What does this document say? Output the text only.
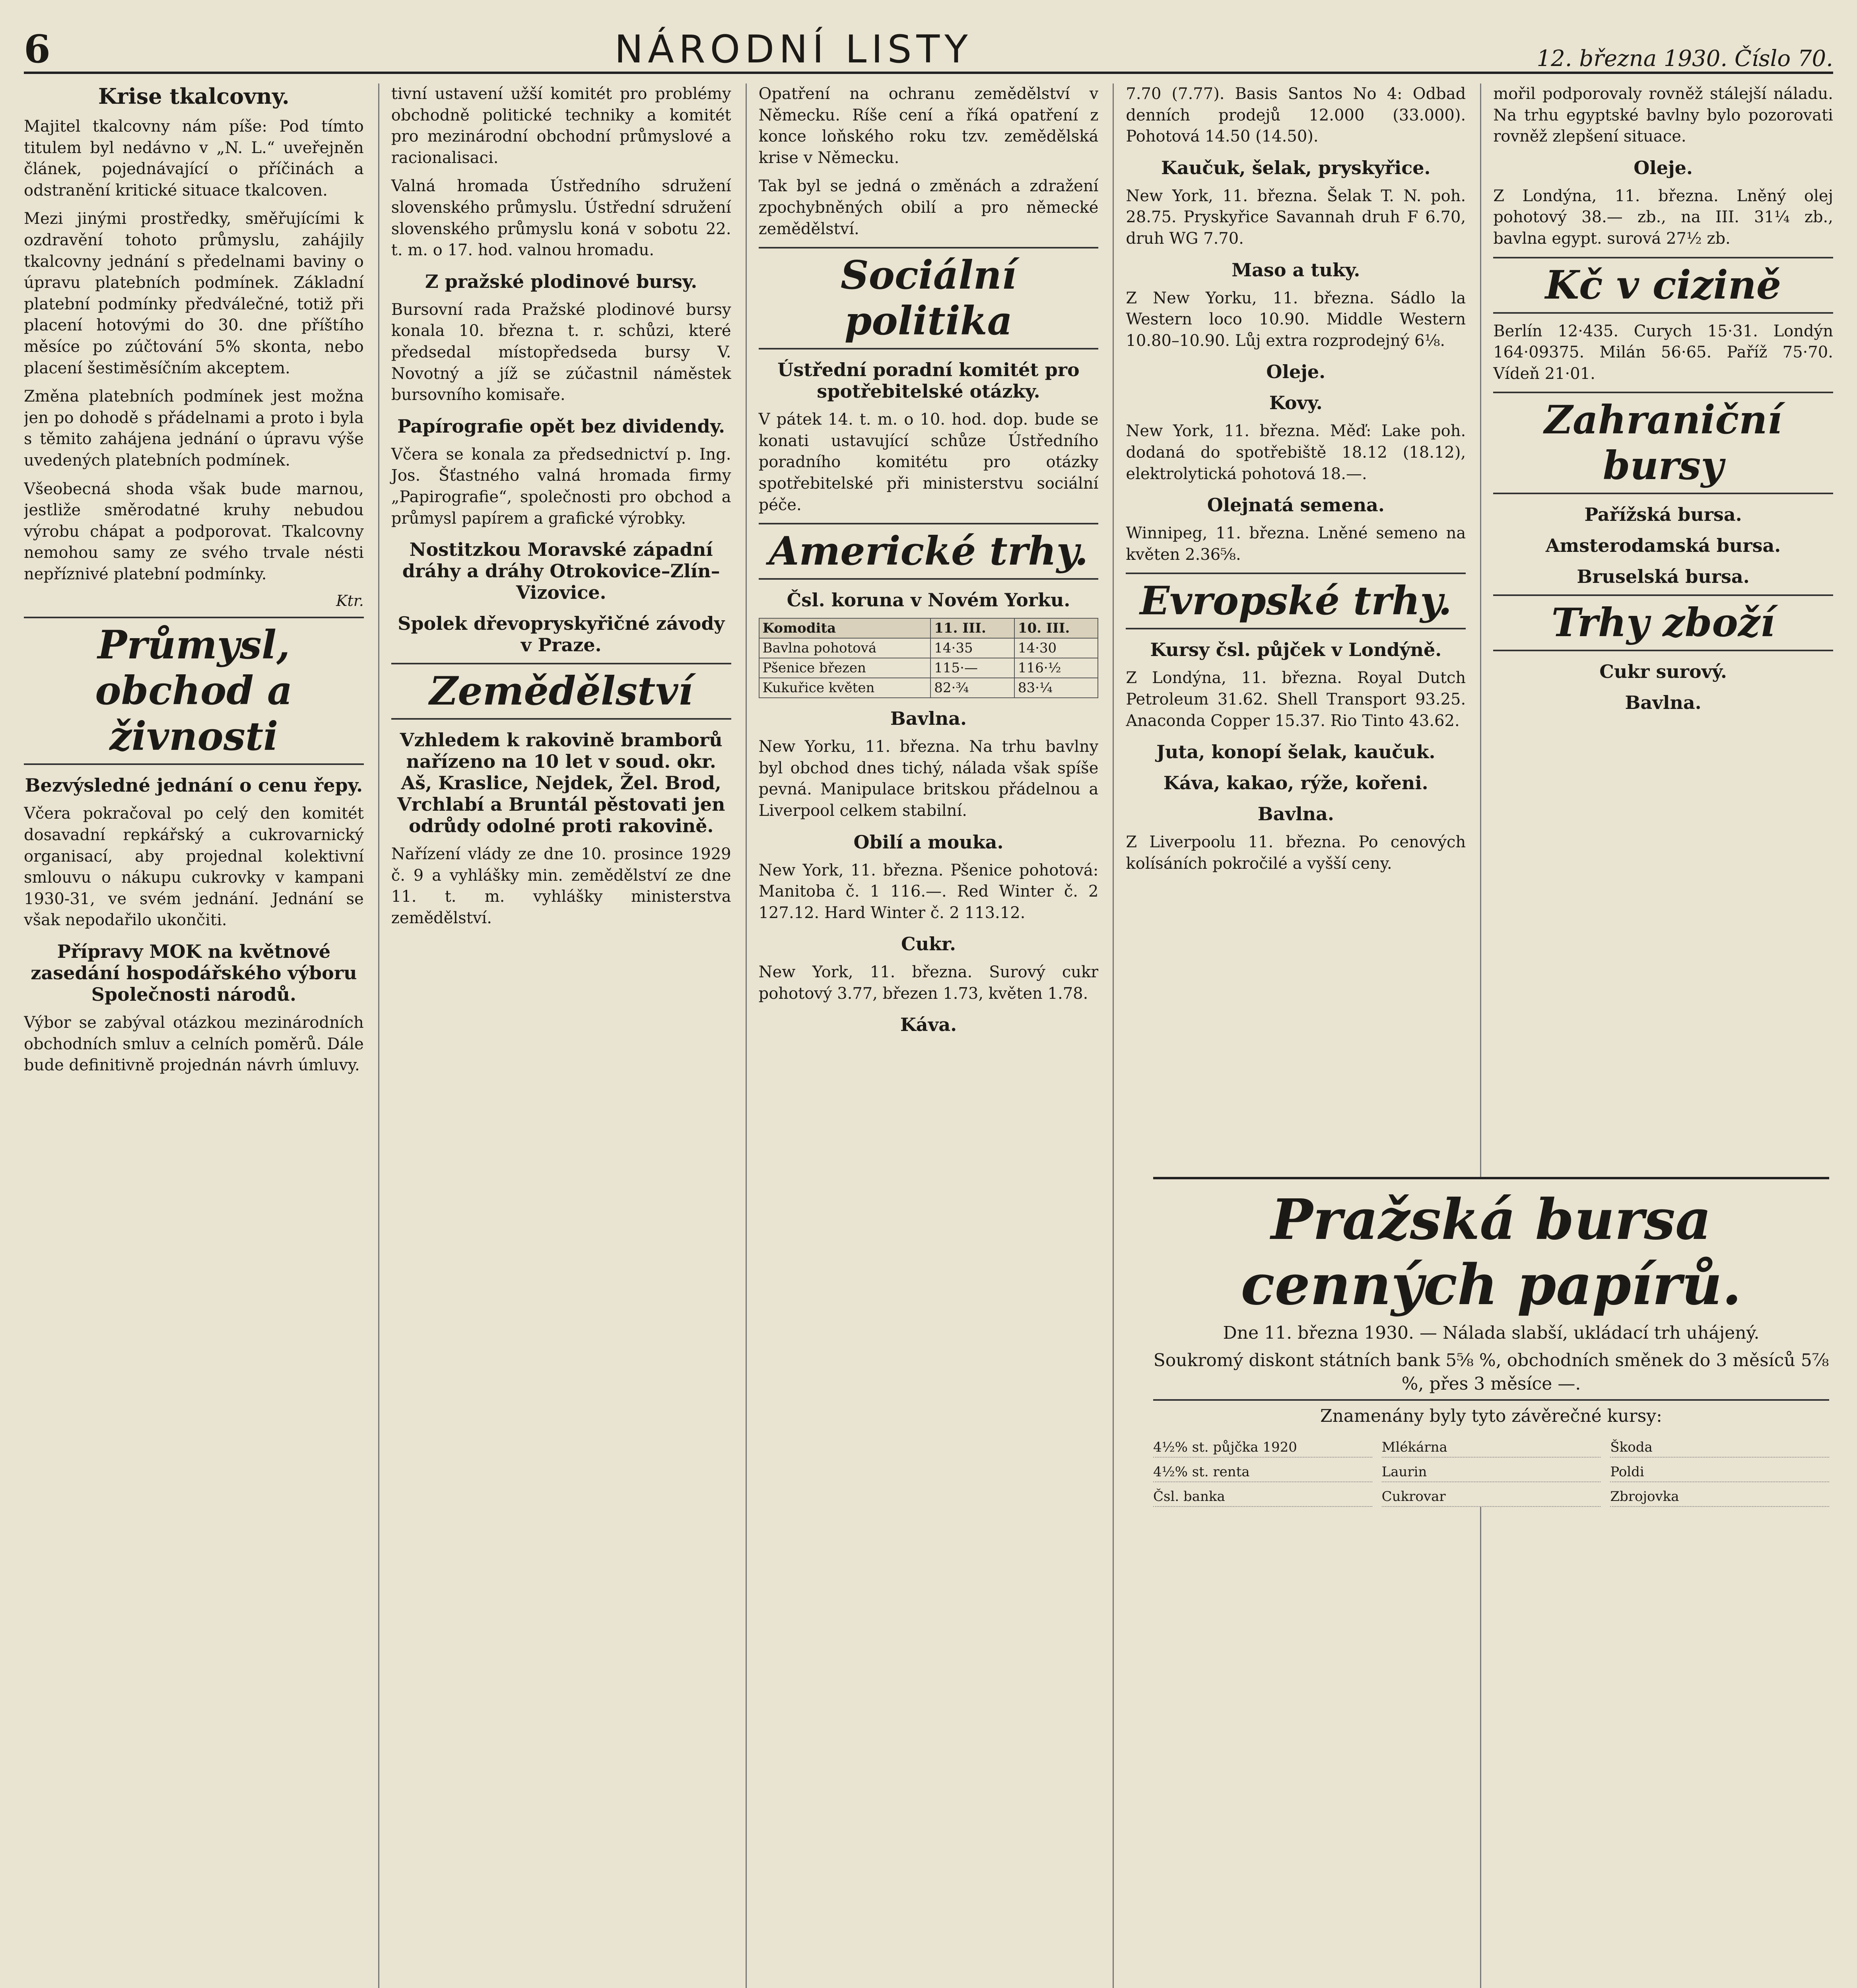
6	NÁRODNÍ LISTY	12. března 1930. Číslo 70.
Krise tkalcovny.

Majitel tkalcovny nám píše: Pod tímto titulem byl nedávno v „N. L.“ uveřejněn článek, pojednávající o příčinách a odstranění kritické situace tkalcoven.

Mezi jinými prostředky, směřujícími k ozdravění tohoto průmyslu, zahájily tkalcovny jednání s předelnami baviny o úpravu platebních podmínek. Základní platební podmínky předválečné, totiž při placení hotovými do 30. dne příštího měsíce po zúčtování 5% skonta, nebo placení šestiměsíčním akceptem.

Změna platebních podmínek jest možna jen po dohodě s přádelnami a proto i byla s těmito zahájena jednání o úpravu výše uvedených platebních podmínek.

Všeobecná shoda však bude marnou, jestliže směrodatné kruhy nebudou výrobu chápat a podporovat. Tkalcovny nemohou samy ze svého trvale nésti nepříznivé platební podmínky.

Ktr.

Průmysl, obchod a živnosti
Bezvýsledné jednání o cenu řepy.

Včera pokračoval po celý den komitét dosavadní repkářský a cukrovarnický organisací, aby projednal kolektivní smlouvu o nákupu cukrovky v kampani 1930-31, ve svém jednání. Jednání se však nepodařilo ukončiti.

Přípravy MOK na květnové zasedání hospodářského výboru Společnosti národů.

Výbor se zabýval otázkou mezinárodních obchodních smluv a celních poměrů. Dále bude definitivně projednán návrh úmluvy.

tivní ustavení užší komitét pro problémy obchodně politické techniky a komitét pro mezinárodní obchodní průmyslové a racionalisaci.

Valná hromada Ústředního sdružení slovenského průmyslu. Ústřední sdružení slovenského průmyslu koná v sobotu 22. t. m. o 17. hod. valnou hromadu.

Z pražské plodinové bursy.

Bursovní rada Pražské plodinové bursy konala 10. března t. r. schůzi, které předsedal místopředseda bursy V. Novotný a jíž se zúčastnil náměstek bursovního komisaře.

Papírografie opět bez dividendy.

Včera se konala za předsednictví p. Ing. Jos. Šťastného valná hromada firmy „Papirografie“, společnosti pro obchod a průmysl papírem a grafické výrobky.

Nostitzkou Moravské západní dráhy a dráhy Otrokovice–Zlín–Vizovice.
Spolek dřevopryskyřičné závody v Praze.
Zemědělství
Vzhledem k rakovině bramborů nařízeno na 10 let v soud. okr. Aš, Kraslice, Nejdek, Žel. Brod, Vrchlabí a Bruntál pěstovati jen odrůdy odolné proti rakovině.

Nařízení vlády ze dne 10. prosince 1929 č. 9 a vyhlášky min. zemědělství ze dne 11. t. m. vyhlášky ministerstva zemědělství.

Opatření na ochranu zemědělství v Německu. Ríše cení a říká opatření z konce loňského roku tzv. zemědělská krise v Německu.

Tak byl se jedná o změnách a zdražení zpochybněných obilí a pro německé zemědělství.

Sociální politika
Ústřední poradní komitét pro spotřebitelské otázky.

V pátek 14. t. m. o 10. hod. dop. bude se konati ustavující schůze Ústředního poradního komitétu pro otázky spotřebitelské při ministerstvu sociální péče.

Americké trhy.
Čsl. koruna v Novém Yorku.
Komodita	11. III.	10. III.
Bavlna pohotová	14·35	14·30
Pšenice březen	115·—	116·½
Kukuřice květen	82·¾	83·¼
Bavlna.

New Yorku, 11. března. Na trhu bavlny byl obchod dnes tichý, nálada však spíše pevná. Manipulace britskou přádelnou a Liverpool celkem stabilní.

Obilí a mouka.

New York, 11. března. Pšenice pohotová: Manitoba č. 1 116.—. Red Winter č. 2 127.12. Hard Winter č. 2 113.12.

Cukr.

New York, 11. března. Surový cukr pohotový 3.77, březen 1.73, květen 1.78.

Káva.

7.70 (7.77). Basis Santos No 4: Odbad denních prodejů 12.000 (33.000). Pohotová 14.50 (14.50).

Kaučuk, šelak, pryskyřice.

New York, 11. března. Šelak T. N. poh. 28.75. Pryskyřice Savannah druh F 6.70, druh WG 7.70.

Maso a tuky.

Z New Yorku, 11. března. Sádlo la Western loco 10.90. Middle Western 10.80–10.90. Lůj extra rozprodejný 6⅛.

Oleje.
Kovy.

New York, 11. března. Měď: Lake poh. dodaná do spotřebiště 18.12 (18.12), elektrolytická pohotová 18.—.

Olejnatá semena.

Winnipeg, 11. března. Lněné semeno na květen 2.36⅝.

Evropské trhy.
Kursy čsl. půjček v Londýně.

Z Londýna, 11. března. Royal Dutch Petroleum 31.62. Shell Transport 93.25. Anaconda Copper 15.37. Rio Tinto 43.62.

Juta, konopí šelak, kaučuk.
Káva, kakao, rýže, kořeni.
Bavlna.

Z Liverpoolu 11. března. Po cenových kolísáních pokročilé a vyšší ceny.

mořil podporovaly rovněž stálejší náladu. Na trhu egyptské bavlny bylo pozorovati rovněž zlepšení situace.

Oleje.

Z Londýna, 11. března. Lněný olej pohotový 38.— zb., na III. 31¼ zb., bavlna egypt. surová 27½ zb.

Kč v cizině

Berlín 12·435. Curych 15·31. Londýn 164·09375. Milán 56·65. Paříž 75·70. Vídeň 21·01.

Zahraniční bursy
Pařížská bursa.
Amsterodamská bursa.
Bruselská bursa.
Trhy zboží
Cukr surový.
Bavlna.
Pražská bursa cenných papírů.

Dne 11. března 1930. — Nálada slabší, ukládací trh uhájený.

Soukromý diskont státních bank 5⅝ %, obchodních směnek do 3 měsíců 5⅞ %, přes 3 měsíce —.

Znamenány byly tyto závěrečné kursy:

4½% st. půjčka 1920	Mlékárna	Škoda
4½% st. renta	Laurin	Poldi
Čsl. banka	Cukrovar	Zbrojovka
